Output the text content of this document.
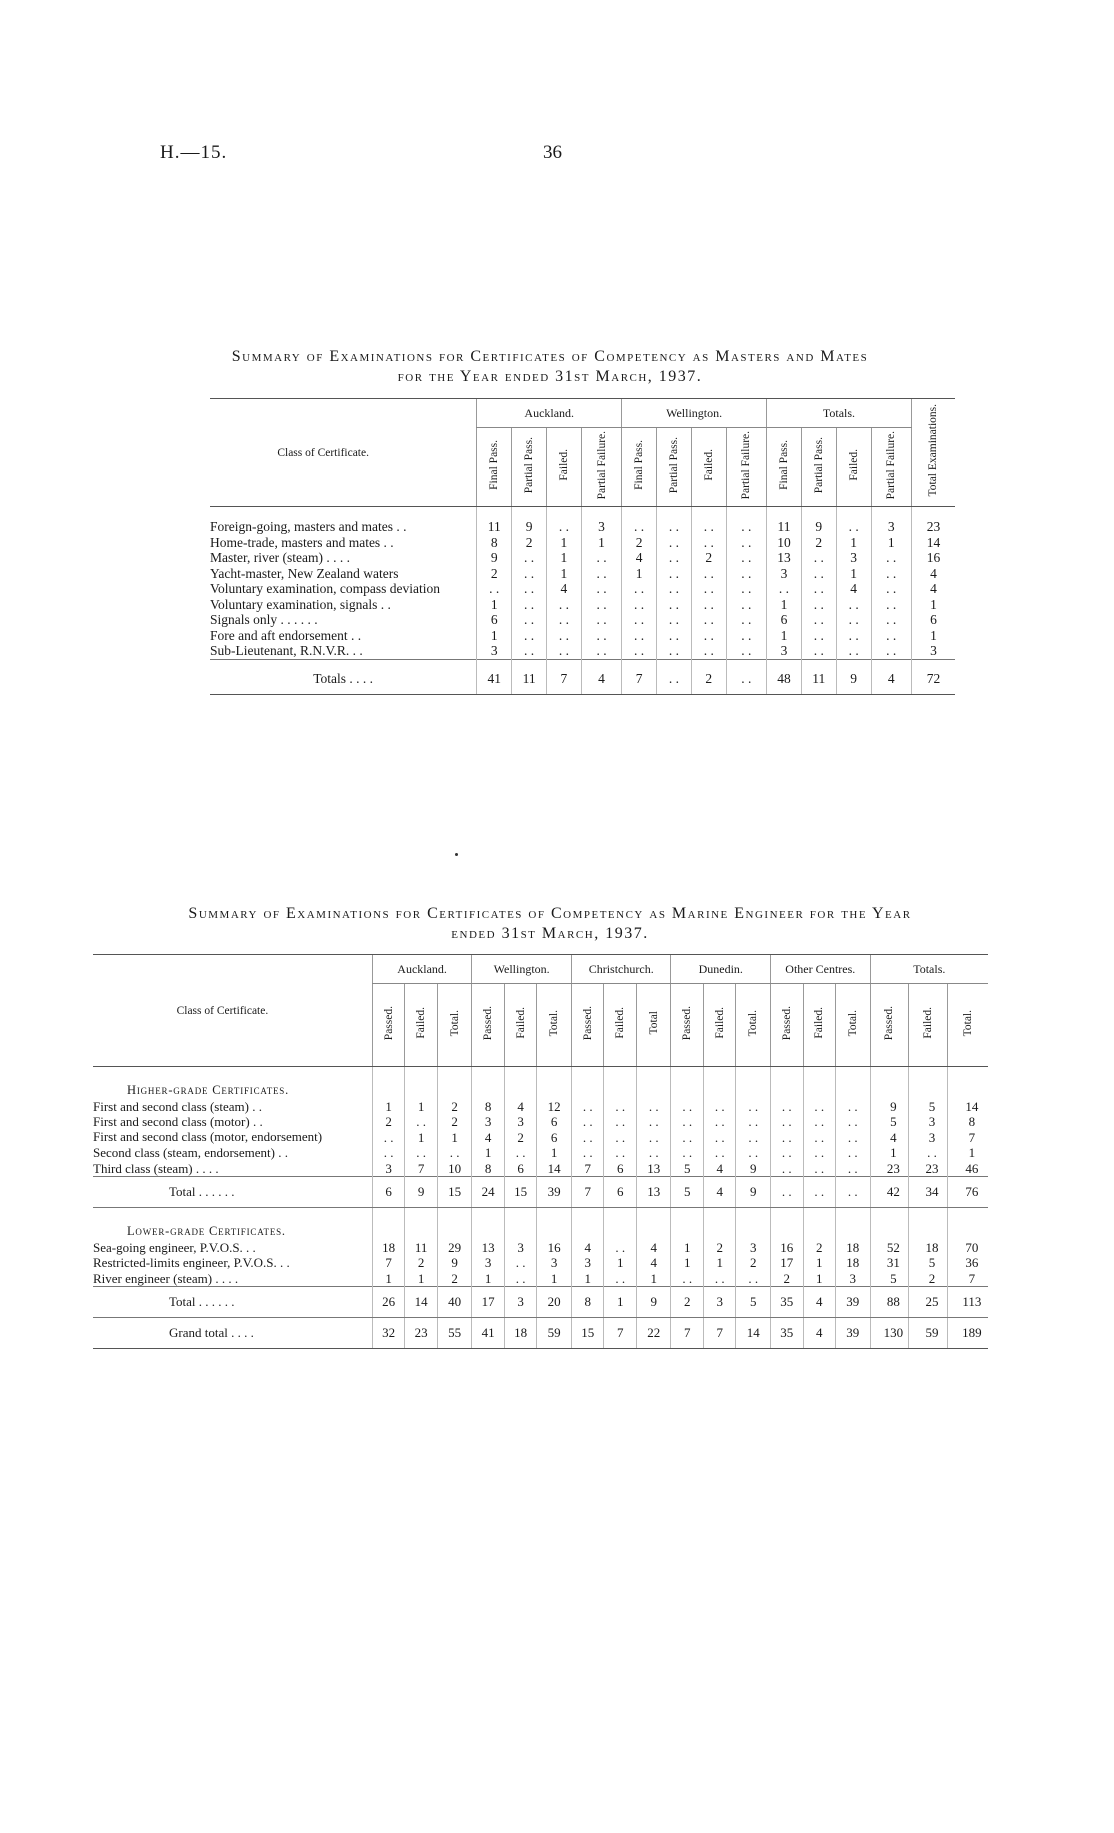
H.—15.	36
Summary of Examinations for Certificates of Competency as Masters and Mates
for the Year ended 31st March, 1937.
Class of Certificate.	Auckland.				Wellington.				Totals.				Total Examinations.
	Final Pass.	Partial Pass.	Failed.	Partial Failure.	Final Pass.	Partial Pass.	Failed.	Partial Failure.	Final Pass.	Partial Pass.	Failed.	Partial Failure.	
Foreign-going, masters and mates . .	11	9	. .	3	. .	. .	. .	. .	11	9	. .	3	23
Home-trade, masters and mates . .	8	2	1	1	2	. .	. .	. .	10	2	1	1	14
Master, river (steam) . . . .	9	. .	1	. .	4	. .	2	. .	13	. .	3	. .	16
Yacht-master, New Zealand waters	2	. .	1	. .	1	. .	. .	. .	3	. .	1	. .	4
Voluntary examination, compass deviation	. .	. .	4	. .	. .	. .	. .	. .	. .	. .	4	. .	4
Voluntary examination, signals . .	1	. .	. .	. .	. .	. .	. .	. .	1	. .	. .	. .	1
Signals only . . . . . .	6	. .	. .	. .	. .	. .	. .	. .	6	. .	. .	. .	6
Fore and aft endorsement . .	1	. .	. .	. .	. .	. .	. .	. .	1	. .	. .	. .	1
Sub-Lieutenant, R.N.V.R. . .	3	. .	. .	. .	. .	. .	. .	. .	3	. .	. .	. .	3
Totals . . . .	41	11	7	4	7	. .	2	. .	48	11	9	4	72
Summary of Examinations for Certificates of Competency as Marine Engineer for the Year
ended 31st March, 1937.
Class of Certificate.	Auckland.			Wellington.			Christchurch.			Dunedin.			Other Centres.			Totals.		
	Passed.	Failed.	Total.	Passed.	Failed.	Total.	Passed.	Failed.	Total	Passed.	Failed.	Total.	Passed.	Failed.	Total.	Passed.	Failed.	Total.
Higher-grade Certificates.																		
First and second class (steam) . .	1	1	2	8	4	12	. .	. .	. .	. .	. .	. .	. .	. .	. .	9	5	14
First and second class (motor) . .	2	. .	2	3	3	6	. .	. .	. .	. .	. .	. .	. .	. .	. .	5	3	8
First and second class (motor, endorsement)	. .	1	1	4	2	6	. .	. .	. .	. .	. .	. .	. .	. .	. .	4	3	7
Second class (steam, endorsement) . .	. .	. .	. .	1	. .	1	. .	. .	. .	. .	. .	. .	. .	. .	. .	1	. .	1
Third class (steam) . . . .	3	7	10	8	6	14	7	6	13	5	4	9	. .	. .	. .	23	23	46
Total . . . . . .	6	9	15	24	15	39	7	6	13	5	4	9	. .	. .	. .	42	34	76
Lower-grade Certificates.																		
Sea-going engineer, P.V.O.S. . .	18	11	29	13	3	16	4	. .	4	1	2	3	16	2	18	52	18	70
Restricted-limits engineer, P.V.O.S. . .	7	2	9	3	. .	3	3	1	4	1	1	2	17	1	18	31	5	36
River engineer (steam) . . . .	1	1	2	1	. .	1	1	. .	1	. .	. .	. .	2	1	3	5	2	7
Total . . . . . .	26	14	40	17	3	20	8	1	9	2	3	5	35	4	39	88	25	113
Grand total . . . .	32	23	55	41	18	59	15	7	22	7	7	14	35	4	39	130	59	189
